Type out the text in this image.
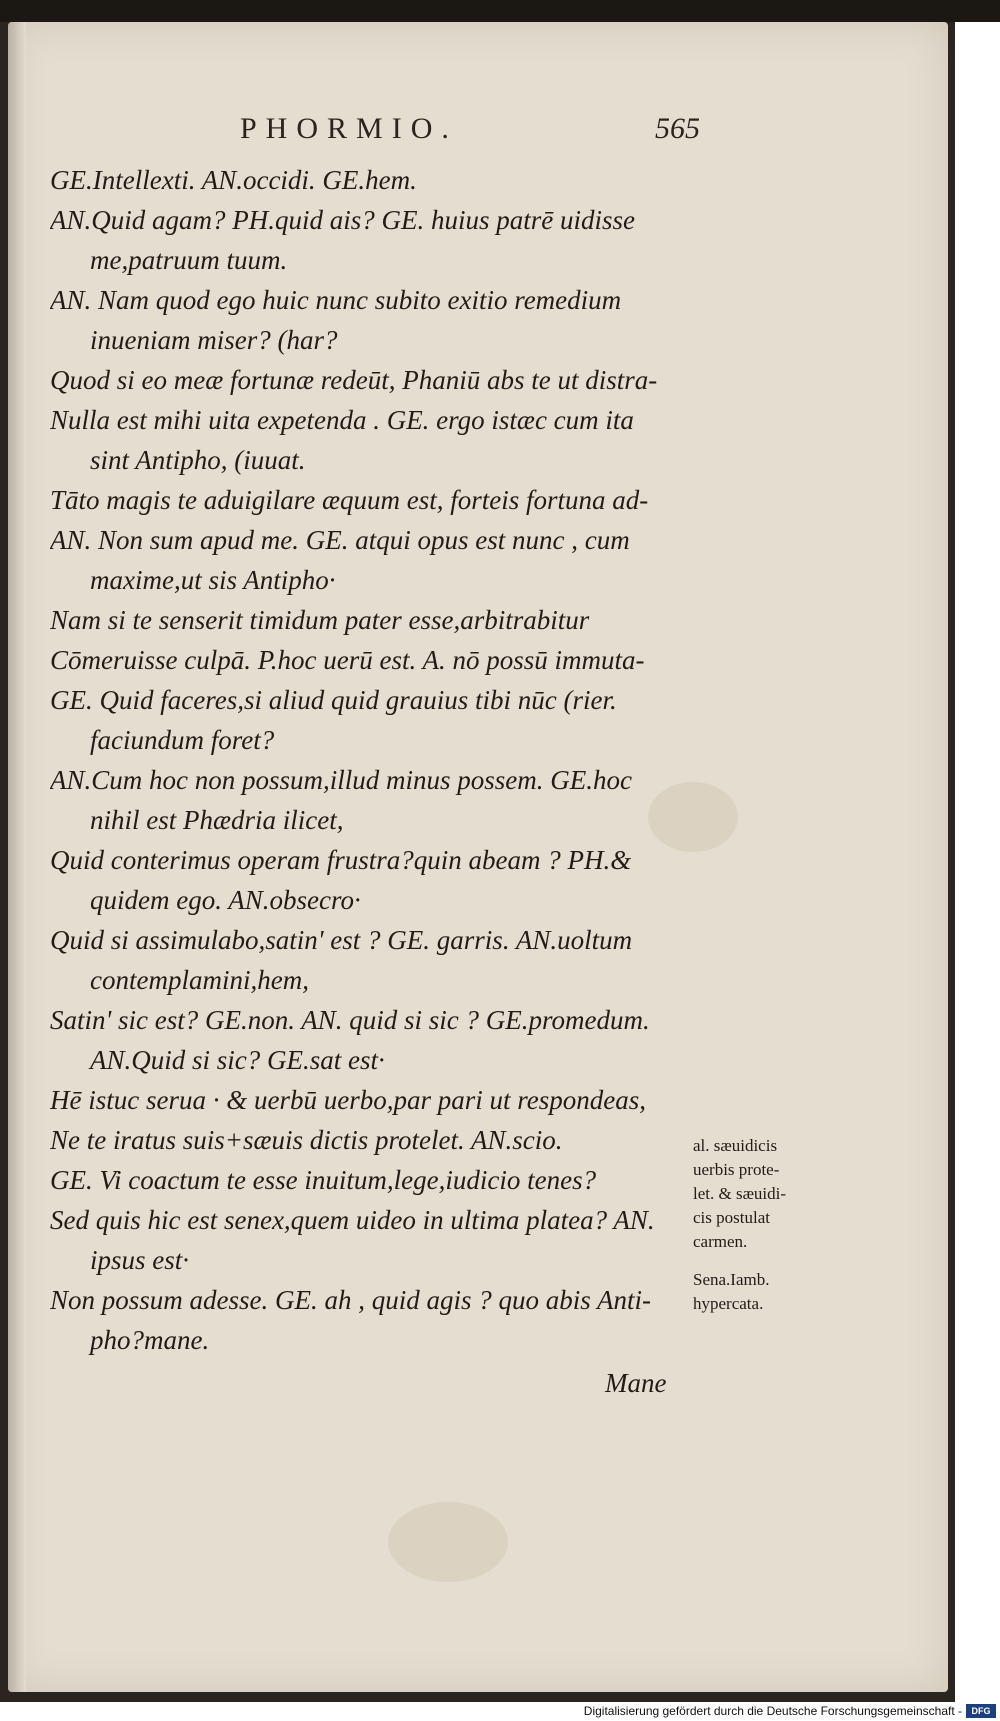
PHORMIO.	565
GE.Intellexti. AN.occidi. GE.hem.
AN.Quid agam? PH.quid ais? GE. huius patrē uidisse
me,patruum tuum.
AN. Nam quod ego huic nunc subito exitio remedium
inueniam miser? (har?
Quod si eo meæ fortunæ redeūt, Phaniū abs te ut distra-
Nulla est mihi uita expetenda . GE. ergo istæc cum ita
sint Antipho, (iuuat.
Tāto magis te aduigilare æquum est, forteis fortuna ad-
AN. Non sum apud me. GE. atqui opus est nunc , cum
maxime,ut sis Antipho·
Nam si te senserit timidum pater esse,arbitrabitur
Cōmeruisse culpā. P.hoc uerū est. A. nō possū immuta-
GE. Quid faceres,si aliud quid grauius tibi nūc (rier.
faciundum foret?
AN.Cum hoc non possum,illud minus possem. GE.hoc
nihil est Phædria ilicet,
Quid conterimus operam frustra?quin abeam ? PH.&
quidem ego. AN.obsecro·
Quid si assimulabo,satin' est ? GE. garris. AN.uoltum
contemplamini,hem,
Satin' sic est? GE.non. AN. quid si sic ? GE.promedum.
AN.Quid si sic? GE.sat est·
Hē istuc serua · & uerbū uerbo,par pari ut respondeas,
Ne te iratus suis+sæuis dictis protelet. AN.scio.
GE. Vi coactum te esse inuitum,lege,iudicio tenes?
Sed quis hic est senex,quem uideo in ultima platea? AN.
ipsus est·
Non possum adesse. GE. ah , quid agis ? quo abis Anti-
pho?mane.
al. sæuidicis
uerbis prote-
let. & sæuidi-
cis postulat
carmen.
Sena.Iamb.
hypercata.
Mane
Digitalisierung gefördert durch die Deutsche Forschungsgemeinschaft -	DFG
